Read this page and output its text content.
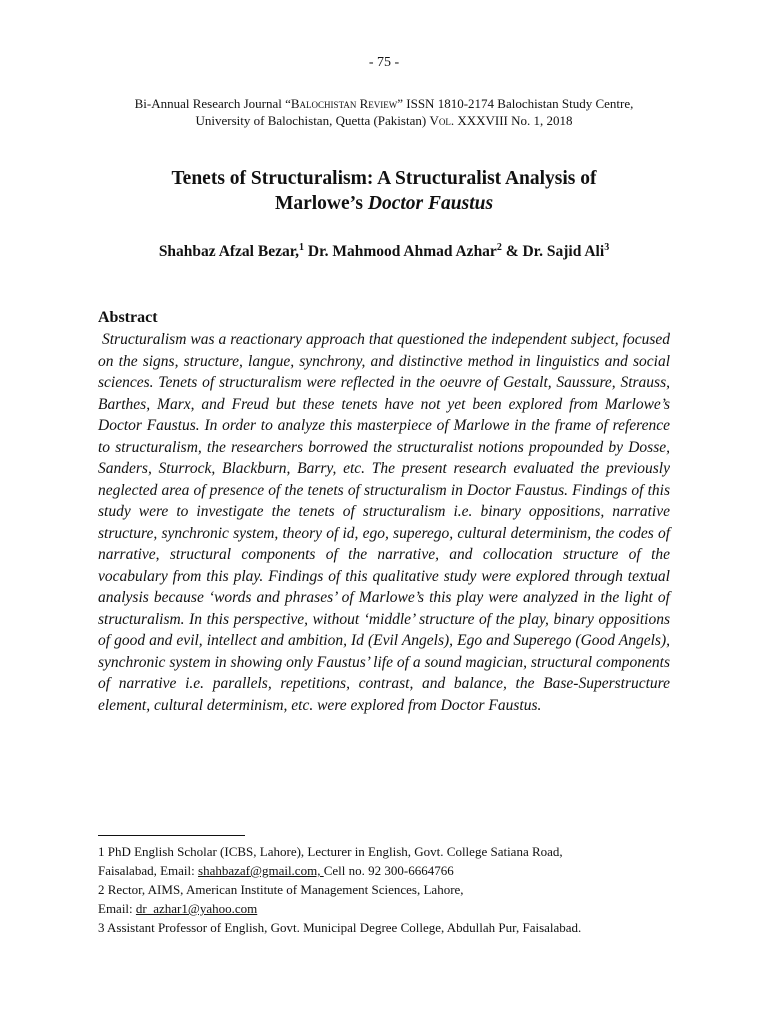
- 75 -
Bi-Annual Research Journal “Balochistan Review” ISSN 1810-2174 Balochistan Study Centre,
University of Balochistan, Quetta (Pakistan) Vol. XXXVIII No. 1, 2018
Tenets of Structuralism: A Structuralist Analysis of
Marlowe’s Doctor Faustus
Shahbaz Afzal Bezar,$^1$ Dr. Mahmood Ahmad Azhar$^2$ & Dr. Sajid Ali$^3$
Abstract

Structuralism was a reactionary approach that questioned the independent subject, focused on the signs, structure, langue, synchrony, and distinctive method in linguistics and social sciences. Tenets of structuralism were reflected in the oeuvre of Gestalt, Saussure, Strauss, Barthes, Marx, and Freud but these tenets have not yet been explored from Marlowe’s Doctor Faustus. In order to analyze this masterpiece of Marlowe in the frame of reference to structuralism, the researchers borrowed the structuralist notions propounded by Dosse, Sanders, Sturrock, Blackburn, Barry, etc. The present research evaluated the previously neglected area of presence of the tenets of structuralism in Doctor Faustus. Findings of this study were to investigate the tenets of structuralism i.e. binary oppositions, narrative structure, synchronic system, theory of id, ego, superego, cultural determinism, the codes of narrative, structural components of the narrative, and collocation structure of the vocabulary from this play. Findings of this qualitative study were explored through textual analysis because ‘words and phrases’ of Marlowe’s this play were analyzed in the light of structuralism. In this perspective, without ‘middle’ structure of the play, binary oppositions of good and evil, intellect and ambition, Id (Evil Angels), Ego and Superego (Good Angels), synchronic system in showing only Faustus’ life of a sound magician, structural components of narrative i.e. parallels, repetitions, contrast, and balance, the Base-Superstructure element, cultural determinism, etc. were explored from Doctor Faustus.

1 PhD English Scholar (ICBS, Lahore), Lecturer in English, Govt. College Satiana Road,

Faisalabad, Email: shahbazaf@gmail.com, Cell no. 92 300-6664766

2 Rector, AIMS, American Institute of Management Sciences, Lahore,

Email: dr_azhar1@yahoo.com

3 Assistant Professor of English, Govt. Municipal Degree College, Abdullah Pur, Faisalabad.
